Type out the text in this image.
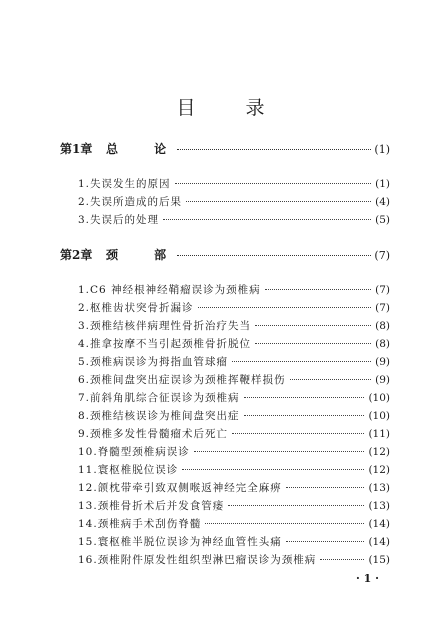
目 录
第1章	总 论	(1)
1.失误发生的原因	(1)
2.失误所造成的后果	(4)
3.失误后的处理	(5)
第2章	颈 部	(7)
1.C6 神经根神经鞘瘤误诊为颈椎病	(7)
2.枢椎齿状突骨折漏诊	(7)
3.颈椎结核伴病理性骨折治疗失当	(8)
4.推拿按摩不当引起颈椎骨折脱位	(8)
5.颈椎病误诊为拇指血管球瘤	(9)
6.颈椎间盘突出症误诊为颈椎挥鞭样损伤	(9)
7.前斜角肌综合征误诊为颈椎病	(10)
8.颈椎结核误诊为椎间盘突出症	(10)
9.颈椎多发性骨髓瘤术后死亡	(11)
10.脊髓型颈椎病误诊	(12)
11.寰枢椎脱位误诊	(12)
12.颌枕带牵引致双侧喉返神经完全麻痹	(13)
13.颈椎骨折术后并发食管瘘	(13)
14.颈椎病手术刮伤脊髓	(14)
15.寰枢椎半脱位误诊为神经血管性头痛	(14)
16.颈椎附件原发性组织型淋巴瘤误诊为颈椎病	(15)
· 1 ·
